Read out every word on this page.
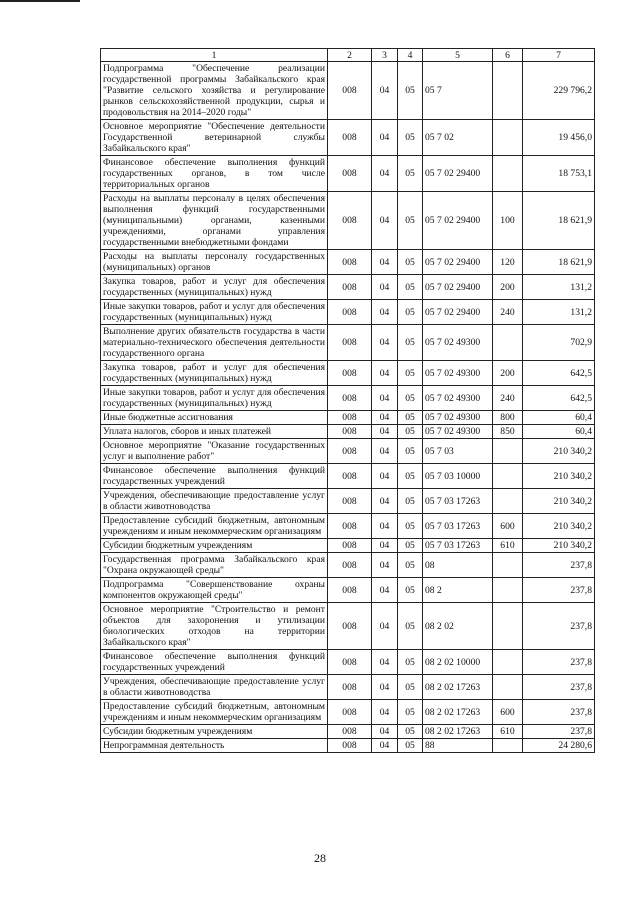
1	2	3	4	5	6	7
Подпрограмма "Обеспечение реализации государственной программы Забайкальского края "Развитие сельского хозяйства и регулирование рынков сельскохозяйственной продукции, сырья и продовольствия на 2014–2020 годы"	008	04	05	05 7		229 796,2
Основное мероприятие "Обеспечение деятельности Государственной ветеринарной службы Забайкальского края"	008	04	05	05 7 02		19 456,0
Финансовое обеспечение выполнения функций государственных органов, в том числе территориальных органов	008	04	05	05 7 02 29400		18 753,1
Расходы на выплаты персоналу в целях обеспечения выполнения функций государственными (муниципальными) органами, казенными учреждениями, органами управления государственными внебюджетными фондами	008	04	05	05 7 02 29400	100	18 621,9
Расходы на выплаты персоналу государственных (муниципальных) органов	008	04	05	05 7 02 29400	120	18 621,9
Закупка товаров, работ и услуг для обеспечения государственных (муниципальных) нужд	008	04	05	05 7 02 29400	200	131,2
Иные закупки товаров, работ и услуг для обеспечения государственных (муниципальных) нужд	008	04	05	05 7 02 29400	240	131,2
Выполнение других обязательств государства в части материально-технического обеспечения деятельности государственного органа	008	04	05	05 7 02 49300		702,9
Закупка товаров, работ и услуг для обеспечения государственных (муниципальных) нужд	008	04	05	05 7 02 49300	200	642,5
Иные закупки товаров, работ и услуг для обеспечения государственных (муниципальных) нужд	008	04	05	05 7 02 49300	240	642,5
Иные бюджетные ассигнования	008	04	05	05 7 02 49300	800	60,4
Уплата налогов, сборов и иных платежей	008	04	05	05 7 02 49300	850	60,4
Основное мероприятие "Оказание государственных услуг и выполнение работ"	008	04	05	05 7 03		210 340,2
Финансовое обеспечение выполнения функций государственных учреждений	008	04	05	05 7 03 10000		210 340,2
Учреждения, обеспечивающие предоставление услуг в области животноводства	008	04	05	05 7 03 17263		210 340,2
Предоставление субсидий бюджетным, автономным учреждениям и иным некоммерческим организациям	008	04	05	05 7 03 17263	600	210 340,2
Субсидии бюджетным учреждениям	008	04	05	05 7 03 17263	610	210 340,2
Государственная программа Забайкальского края "Охрана окружающей среды"	008	04	05	08		237,8
Подпрограмма "Совершенствование охраны компонентов окружающей среды"	008	04	05	08 2		237,8
Основное мероприятие "Строительство и ремонт объектов для захоронения и утилизации биологических отходов на территории Забайкальского края"	008	04	05	08 2 02		237,8
Финансовое обеспечение выполнения функций государственных учреждений	008	04	05	08 2 02 10000		237,8
Учреждения, обеспечивающие предоставление услуг в области животноводства	008	04	05	08 2 02 17263		237,8
Предоставление субсидий бюджетным, автономным учреждениям и иным некоммерческим организациям	008	04	05	08 2 02 17263	600	237,8
Субсидии бюджетным учреждениям	008	04	05	08 2 02 17263	610	237,8
Непрограммная деятельность	008	04	05	88		24 280,6
28
